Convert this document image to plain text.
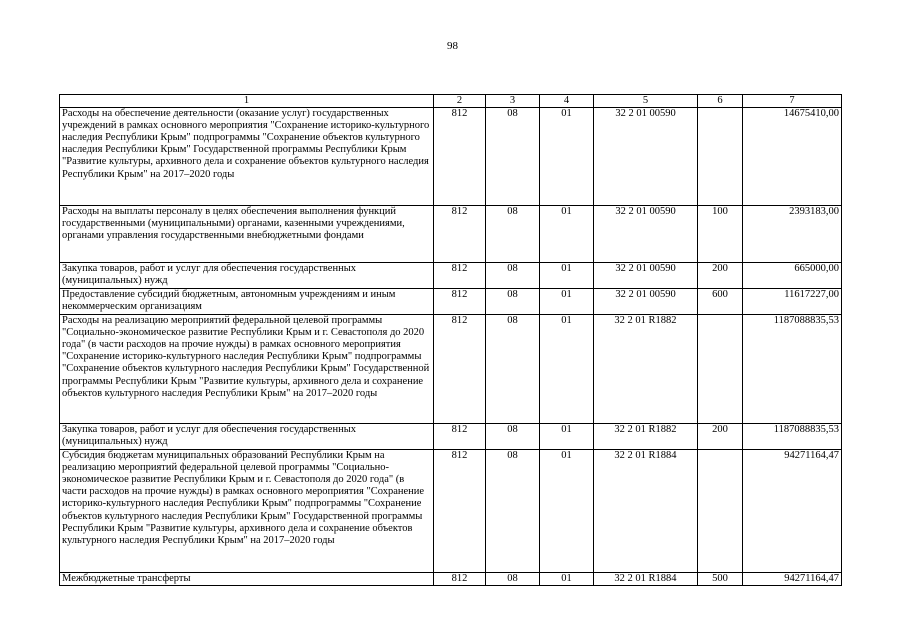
98
1	2	3	4	5	6	7
Расходы на обеспечение деятельности (оказание услуг) государственных учреждений в рамках основного мероприятия "Сохранение историко-культурного наследия Республики Крым" подпрограммы "Сохранение объектов культурного наследия Республики Крым" Государственной программы Республики Крым "Развитие культуры, архивного дела и сохранение объектов культурного наследия Республики Крым" на 2017–2020 годы	812	08	01	32 2 01 00590		14675410,00
Расходы на выплаты персоналу в целях обеспечения выполнения функций государственными (муниципальными) органами, казенными учреждениями, органами управления государственными внебюджетными фондами	812	08	01	32 2 01 00590	100	2393183,00
Закупка товаров, работ и услуг для обеспечения государственных (муниципальных) нужд	812	08	01	32 2 01 00590	200	665000,00
Предоставление субсидий бюджетным, автономным учреждениям и иным некоммерческим организациям	812	08	01	32 2 01 00590	600	11617227,00
Расходы на реализацию мероприятий федеральной целевой программы "Социально-экономическое развитие Республики Крым и г. Севастополя до 2020 года" (в части расходов на прочие нужды) в рамках основного мероприятия "Сохранение историко-культурного наследия Республики Крым" подпрограммы "Сохранение объектов культурного наследия Республики Крым" Государственной программы Республики Крым "Развитие культуры, архивного дела и сохранение объектов культурного наследия Республики Крым" на 2017–2020 годы	812	08	01	32 2 01 R1882		1187088835,53
Закупка товаров, работ и услуг для обеспечения государственных (муниципальных) нужд	812	08	01	32 2 01 R1882	200	1187088835,53
Субсидия бюджетам муниципальных образований Республики Крым на реализацию мероприятий федеральной целевой программы "Социально-экономическое развитие Республики Крым и г. Севастополя до 2020 года" (в части расходов на прочие нужды) в рамках основного мероприятия "Сохранение историко-культурного наследия Республики Крым" подпрограммы "Сохранение объектов культурного наследия Республики Крым" Государственной программы Республики Крым "Развитие культуры, архивного дела и сохранение объектов культурного наследия Республики Крым" на 2017–2020 годы	812	08	01	32 2 01 R1884		94271164,47
Межбюджетные трансферты	812	08	01	32 2 01 R1884	500	94271164,47
